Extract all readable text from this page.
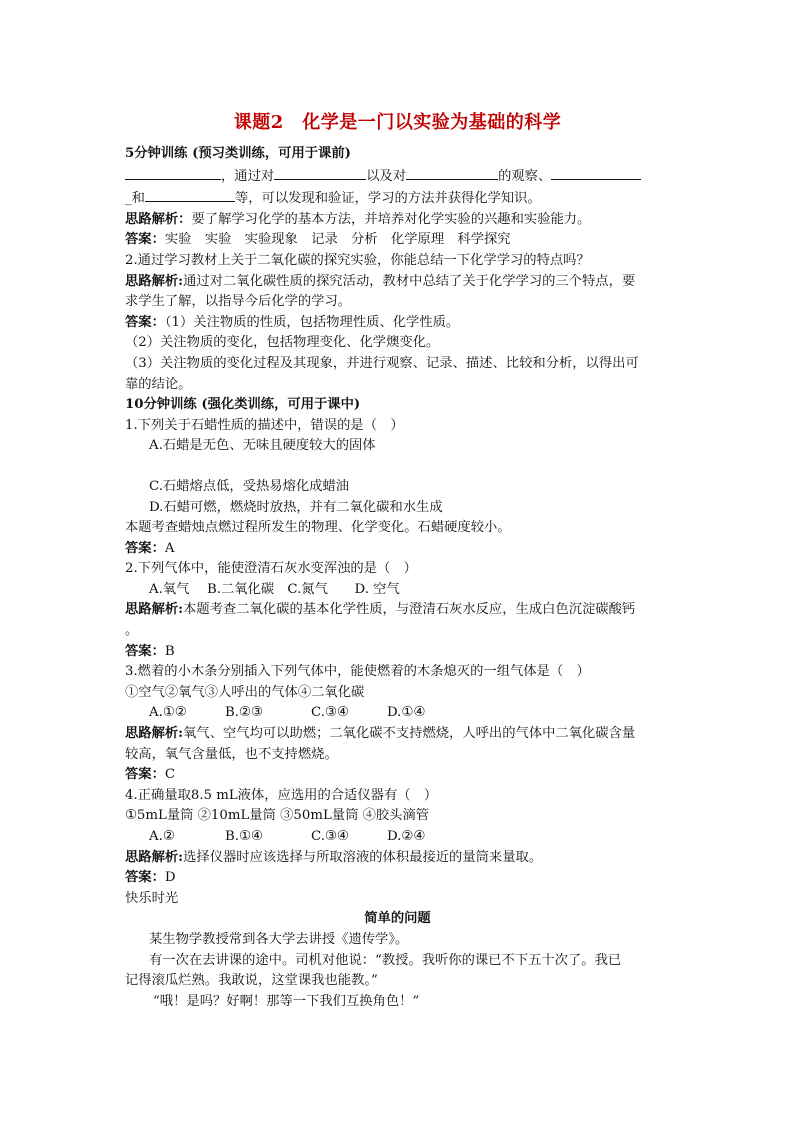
课题2　化学是一门以实验为基础的科学

5分钟训练 (预习类训练，可用于课前)

，通过对	以及对	的观察、

_和	等，可以发现和验证，学习的方法并获得化学知识。

思路解析：要了解学习化学的基本方法，并培养对化学实验的兴趣和实验能力。

答案：实验　实验　实验现象　记录　分析　化学原理　科学探究

2.通过学习教材上关于二氧化碳的探究实验，你能总结一下化学学习的特点吗？

思路解析:通过对二氧化碳性质的探究活动，教材中总结了关于化学学习的三个特点，要

求学生了解，以指导今后化学的学习。

答案：（1）关注物质的性质，包括物理性质、化学性质。

（2）关注物质的变化，包括物理变化、化学燠变化。

（3）关注物质的变化过程及其现象，并进行观察、记录、描述、比较和分析，以得出可

靠的结论。

10分钟训练 (强化类训练，可用于课中)

1.下列关于石蜡性质的描述中，错误的是（　）

A.石蜡是无色、无味且硬度较大的固体

C.石蜡熔点低，受热易熔化成蜡油

D.石蜡可燃，燃烧时放热，并有二氧化碳和水生成

本题考查蜡烛点燃过程所发生的物理、化学变化。石蜡硬度较小。

答案：A

2.下列气体中，能使澄清石灰水变浑浊的是（　）

A.氧气　 B.二氧化碳　C.氮气　　D. 空气

思路解析:本题考查二氧化碳的基本化学性质，与澄清石灰水反应，生成白色沉淀碳酸钙

。

答案：B

3.燃着的小木条分别插入下列气体中，能使燃着的木条熄灭的一组气体是（　）

①空气②氧气③人呼出的气体④二氧化碳

A.①②	B.②③	C.③④	D.①④

思路解析:氧气、空气均可以助燃；二氧化碳不支持燃烧，人呼出的气体中二氧化碳含量

较高，氧气含量低，也不支持燃烧。

答案：C

4.正确量取8.5 mL液体，应选用的合适仪器有（　）

①5mL量筒 ②10mL量筒 ③50mL量筒 ④胶头滴管

A.②	B.①④	C.③④	D.②④

思路解析:选择仪器时应该选择与所取溶液的体积最接近的量筒来量取。

答案：D

快乐时光

简单的问题

某生物学教授常到各大学去讲授《遗传学》。

有一次在去讲课的途中。司机对他说：“教授。我听你的课已不下五十次了。我已

记得滚瓜烂熟。我敢说，这堂课我也能教。”

“哦！是吗？好啊！那等一下我们互换角色！”
